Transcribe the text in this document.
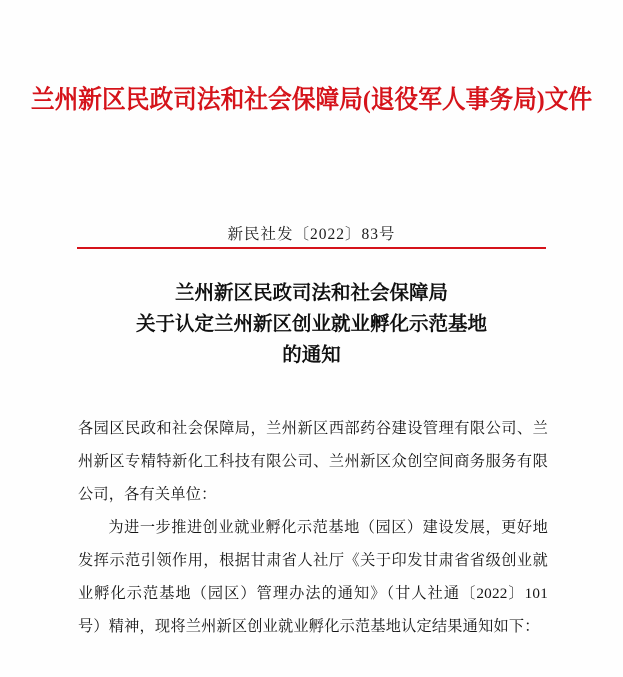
兰州新区民政司法和社会保障局(退役军人事务局)文件
新民社发〔2022〕83号
兰州新区民政司法和社会保障局
关于认定兰州新区创业就业孵化示范基地
的通知

各园区民政和社会保障局，兰州新区西部药谷建设管理有限公司、兰州新区专精特新化工科技有限公司、兰州新区众创空间商务服务有限公司，各有关单位：

为进一步推进创业就业孵化示范基地（园区）建设发展，更好地发挥示范引领作用，根据甘肃省人社厅《关于印发甘肃省省级创业就业孵化示范基地（园区）管理办法的通知》（甘人社通〔2022〕101号）精神，现将兰州新区创业就业孵化示范基地认定结果通知如下：
